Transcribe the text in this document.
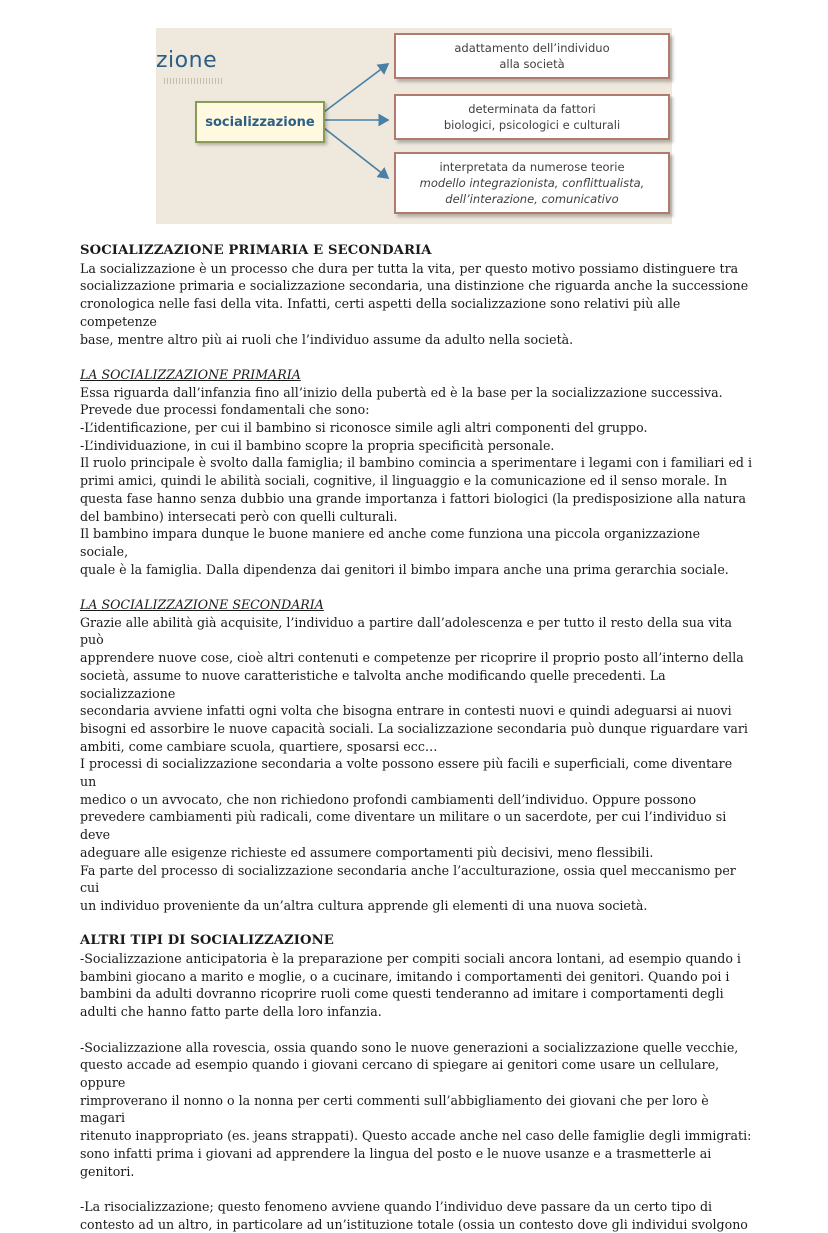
zione
socializzazione
adattamento dell’individuo
alla società
determinata da fattori
biologici, psicologici e culturali
interpretata da numerose teorie
modello integrazionista, conflittualista,
dell’interazione, comunicativo

SOCIALIZZAZIONE PRIMARIA E SECONDARIA

La socializzazione è un processo che dura per tutta la vita, per questo motivo possiamo distinguere tra

socializzazione primaria e socializzazione secondaria, una distinzione che riguarda anche la successione

cronologica nelle fasi della vita. Infatti, certi aspetti della socializzazione sono relativi più alle competenze

base, mentre altro più ai ruoli che l’individuo assume da adulto nella società.

LA SOCIALIZZAZIONE PRIMARIA

Essa riguarda dall’infanzia fino all’inizio della pubertà ed è la base per la socializzazione successiva.

Prevede due processi fondamentali che sono:

-L’identificazione, per cui il bambino si riconosce simile agli altri componenti del gruppo.

-L’individuazione, in cui il bambino scopre la propria specificità personale.

Il ruolo principale è svolto dalla famiglia; il bambino comincia a sperimentare i legami con i familiari ed i

primi amici, quindi le abilità sociali, cognitive, il linguaggio e la comunicazione ed il senso morale. In

questa fase hanno senza dubbio una grande importanza i fattori biologici (la predisposizione alla natura

del bambino) intersecati però con quelli culturali.

Il bambino impara dunque le buone maniere ed anche come funziona una piccola organizzazione sociale,

quale è la famiglia. Dalla dipendenza dai genitori il bimbo impara anche una prima gerarchia sociale.

LA SOCIALIZZAZIONE SECONDARIA

Grazie alle abilità già acquisite, l’individuo a partire dall’adolescenza e per tutto il resto della sua vita può

apprendere nuove cose, cioè altri contenuti e competenze per ricoprire il proprio posto all’interno della

società, assume to nuove caratteristiche e talvolta anche modificando quelle precedenti. La socializzazione

secondaria avviene infatti ogni volta che bisogna entrare in contesti nuovi e quindi adeguarsi ai nuovi

bisogni ed assorbire le nuove capacità sociali. La socializzazione secondaria può dunque riguardare vari

ambiti, come cambiare scuola, quartiere, sposarsi ecc…

I processi di socializzazione secondaria a volte possono essere più facili e superficiali, come diventare un

medico o un avvocato, che non richiedono profondi cambiamenti dell’individuo. Oppure possono

prevedere cambiamenti più radicali, come diventare un militare o un sacerdote, per cui l’individuo si deve

adeguare alle esigenze richieste ed assumere comportamenti più decisivi, meno flessibili.

Fa parte del processo di socializzazione secondaria anche l’acculturazione, ossia quel meccanismo per cui

un individuo proveniente da un’altra cultura apprende gli elementi di una nuova società.

ALTRI TIPI DI SOCIALIZZAZIONE

-Socializzazione anticipatoria è la preparazione per compiti sociali ancora lontani, ad esempio quando i

bambini giocano a marito e moglie, o a cucinare, imitando i comportamenti dei genitori. Quando poi i

bambini da adulti dovranno ricoprire ruoli come questi tenderanno ad imitare i comportamenti degli

adulti che hanno fatto parte della loro infanzia.

-Socializzazione alla rovescia, ossia quando sono le nuove generazioni a socializzazione quelle vecchie,

questo accade ad esempio quando i giovani cercano di spiegare ai genitori come usare un cellulare, oppure

rimproverano il nonno o la nonna per certi commenti sull’abbigliamento dei giovani che per loro è magari

ritenuto inappropriato (es. jeans strappati). Questo accade anche nel caso delle famiglie degli immigrati:

sono infatti prima i giovani ad apprendere la lingua del posto e le nuove usanze e a trasmetterle ai

genitori.

-La risocializzazione; questo fenomeno avviene quando l’individuo deve passare da un certo tipo di

contesto ad un altro, in particolare ad un’istituzione totale (ossia un contesto dove gli individui svolgono
